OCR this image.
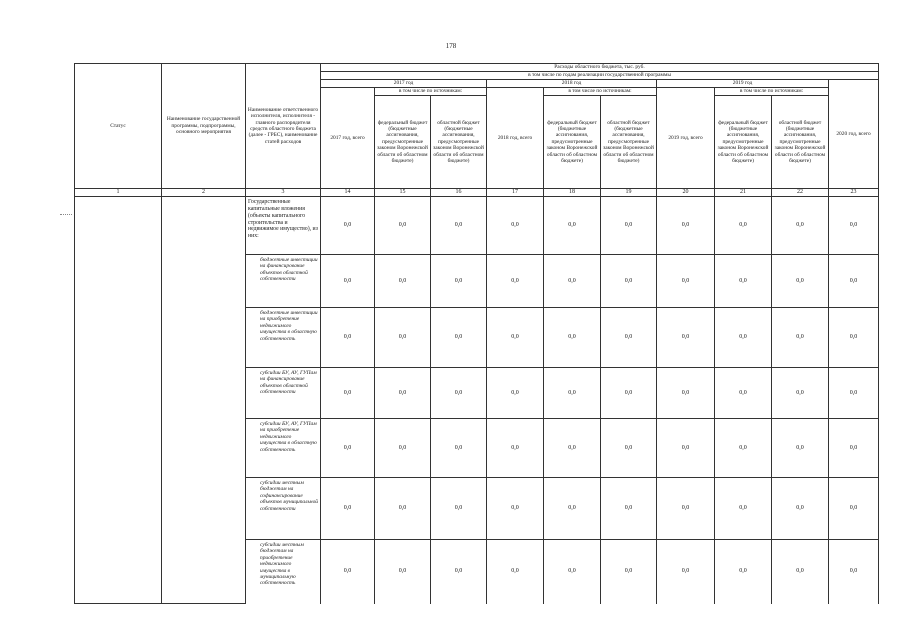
178
Статус	Наименование государственной программы, подпрограммы, основного мероприятия	Наименование ответственного исполнителя, исполнителя - главного распорядителя средств областного бюджета (далее - ГРБС), наименование статей расходов	Расходы областного бюджета, тыс. руб.									
			в том числе по годам реализации государственной программы									
			2017 год			2018 год			2019 год			2020 год, всего
			2017 год, всего	в том числе по источникам:		2018 год, всего	в том числе по источникам:		2019 год, всего	в том числе по источникам:		
				федеральный бюджет (бюджетные ассигнования, предусмотренные законом Воронежской области об областном бюджете)	областной бюджет (бюджетные ассигнования, предусмотренные законом Воронежской области об областном бюджете)		федеральный бюджет (бюджетные ассигнования, предусмотренные законом Воронежской области об областном бюджете)	областной бюджет (бюджетные ассигнования, предусмотренные законом Воронежской области об областном бюджете)		федеральный бюджет (бюджетные ассигнования, предусмотренные законом Воронежской области об областном бюджете)	областной бюджет (бюджетные ассигнования, предусмотренные законом Воронежской области об областном бюджете)	
1	2	3	14	15	16	17	18	19	20	21	22	23
		Государственные капитальные вложения (объекты капитального строительства и недвижимое имущество), из них:	0,0	0,0	0,0	0,0	0,0	0,0	0,0	0,0	0,0	0,0
		бюджетные инвестиции на финансирование объектов областной собственности	0,0	0,0	0,0	0,0	0,0	0,0	0,0	0,0	0,0	0,0
		бюджетные инвестиции на приобретение недвижимого имущества в областную собственность	0,0	0,0	0,0	0,0	0,0	0,0	0,0	0,0	0,0	0,0
		субсидии БУ, АУ, ГУПам на финансирование объектов областной собственности	0,0	0,0	0,0	0,0	0,0	0,0	0,0	0,0	0,0	0,0
		субсидии БУ, АУ, ГУПам на приобретение недвижимого имущества в областную собственность	0,0	0,0	0,0	0,0	0,0	0,0	0,0	0,0	0,0	0,0
		субсидии местным бюджетам на софинансирование объектов муниципальной собственности	0,0	0,0	0,0	0,0	0,0	0,0	0,0	0,0	0,0	0,0
		субсидии местным бюджетам на приобретение недвижимого имущества в муниципальную собственность	0,0	0,0	0,0	0,0	0,0	0,0	0,0	0,0	0,0	0,0
